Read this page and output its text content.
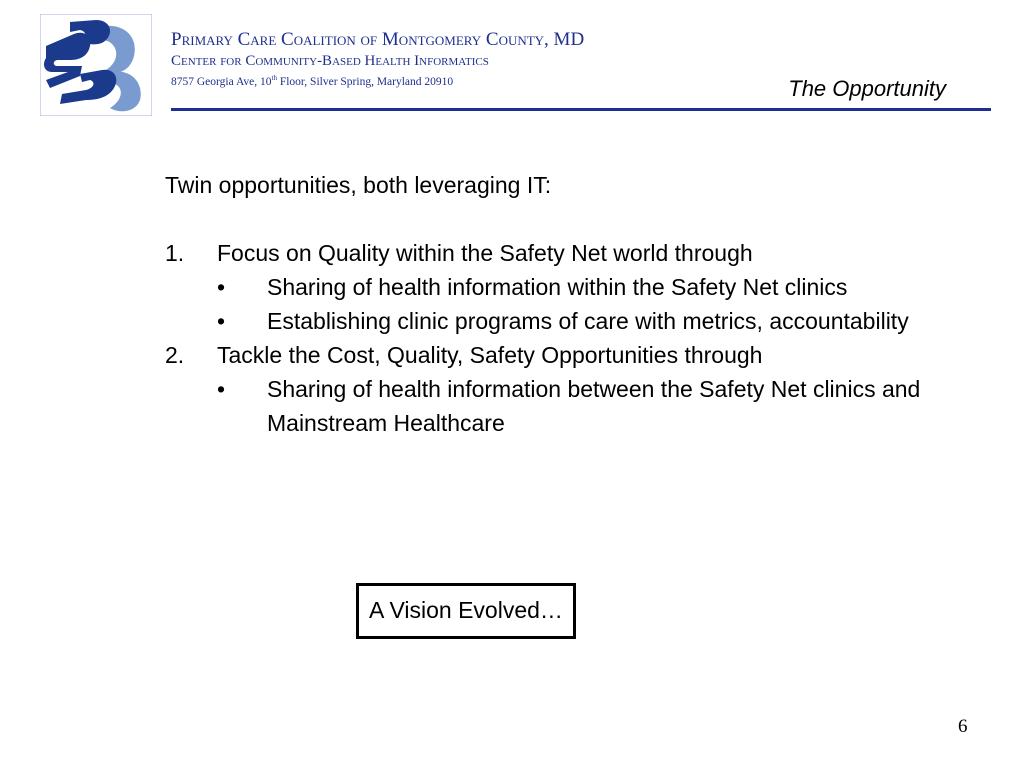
Primary Care Coalition of Montgomery County, MD
Center for Community-Based Health Informatics
8757 Georgia Ave, 10th Floor, Silver Spring, Maryland 20910	The Opportunity

Twin opportunities, both leveraging IT:

1. Focus on Quality within the Safety Net world through
• Sharing of health information within the Safety Net clinics
• Establishing clinic programs of care with metrics, accountability
2. Tackle the Cost, Quality, Safety Opportunities through
• Sharing of health information between the Safety Net clinics and Mainstream Healthcare
A Vision Evolved…
6
